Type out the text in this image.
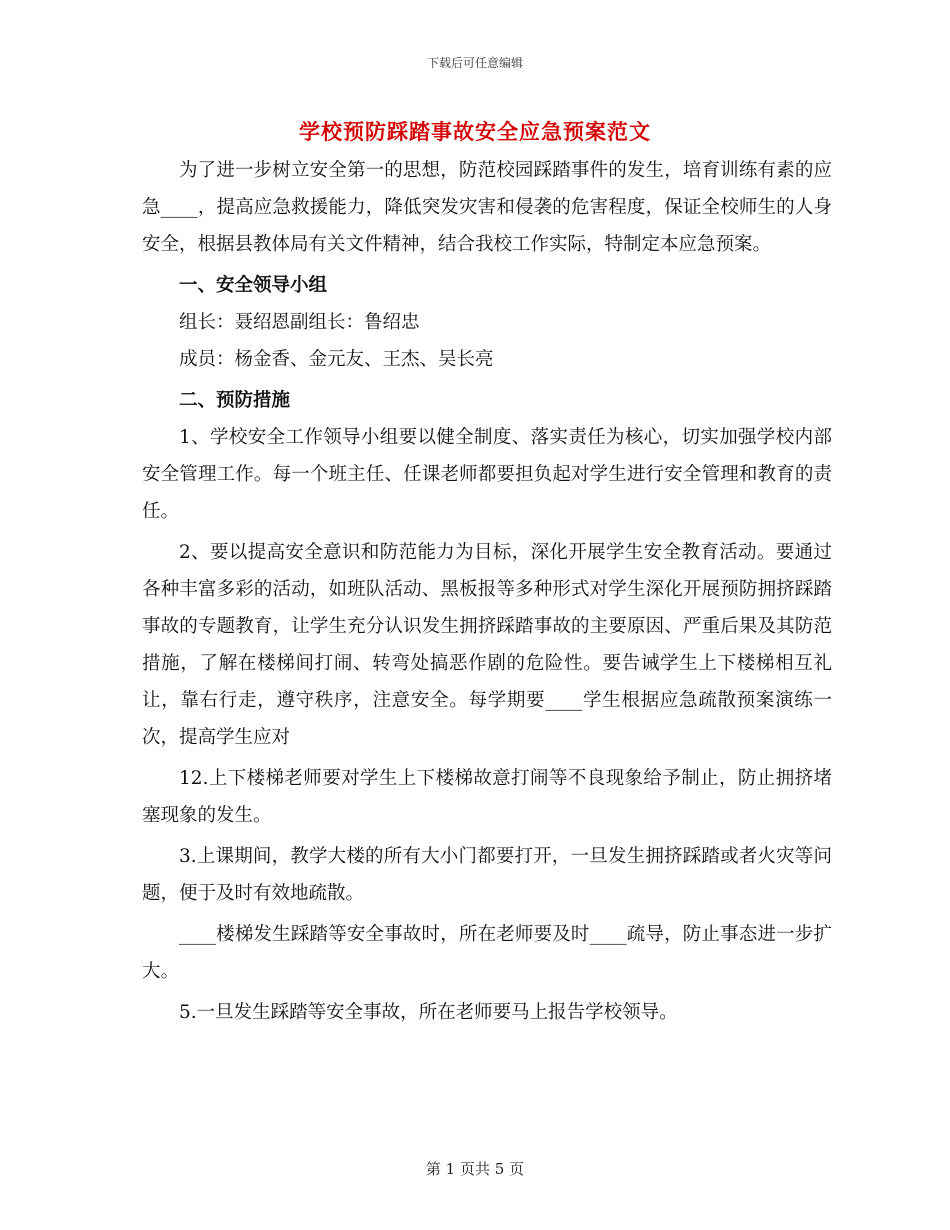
下载后可任意编辑
学校预防踩踏事故安全应急预案范文

为了进一步树立安全第一的思想，防范校园踩踏事件的发生，培育训练有素的应急____，提高应急救援能力，降低突发灾害和侵袭的危害程度，保证全校师生的人身安全，根据县教体局有关文件精神，结合我校工作实际，特制定本应急预案。

一、安全领导小组

组长：聂绍恩副组长：鲁绍忠

成员：杨金香、金元友、王杰、吴长亮

二、预防措施

1、学校安全工作领导小组要以健全制度、落实责任为核心，切实加强学校内部安全管理工作。每一个班主任、任课老师都要担负起对学生进行安全管理和教育的责任。

2、要以提高安全意识和防范能力为目标，深化开展学生安全教育活动。要通过各种丰富多彩的活动，如班队活动、黑板报等多种形式对学生深化开展预防拥挤踩踏事故的专题教育，让学生充分认识发生拥挤踩踏事故的主要原因、严重后果及其防范措施，了解在楼梯间打闹、转弯处搞恶作剧的危险性。要告诫学生上下楼梯相互礼让，靠右行走，遵守秩序，注意安全。每学期要____学生根据应急疏散预案演练一次，提高学生应对

12.上下楼梯老师要对学生上下楼梯故意打闹等不良现象给予制止，防止拥挤堵塞现象的发生。

3.上课期间，教学大楼的所有大小门都要打开，一旦发生拥挤踩踏或者火灾等问题，便于及时有效地疏散。

____楼梯发生踩踏等安全事故时，所在老师要及时____疏导，防止事态进一步扩大。

5.一旦发生踩踏等安全事故，所在老师要马上报告学校领导。

第 1 页共 5 页
